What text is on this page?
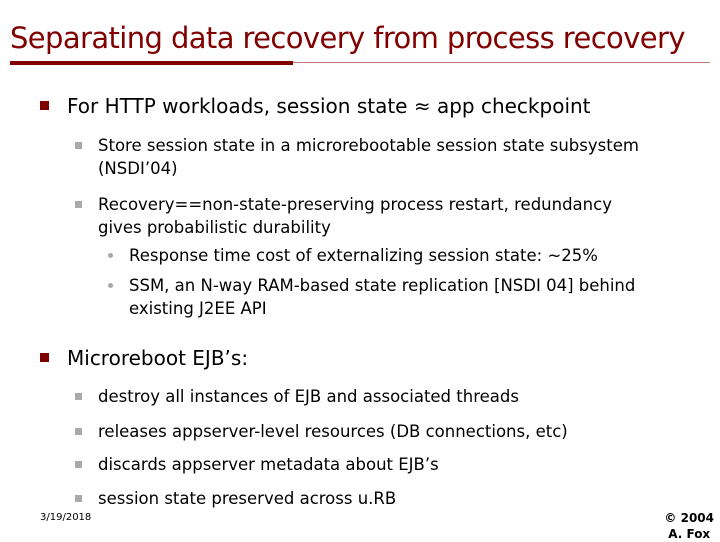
Separating data recovery from process recovery
For HTTP workloads, session state ≈ app checkpoint
Store session state in a microrebootable session state subsystem
(NSDI’04)
Recovery==non-state-preserving process restart, redundancy
gives probabilistic durability
Response time cost of externalizing session state: ~25%
SSM, an N-way RAM-based state replication [NSDI 04] behind
existing J2EE API
Microreboot EJB’s:
destroy all instances of EJB and associated threads
releases appserver-level resources (DB connections, etc)
discards appserver metadata about EJB’s
session state preserved across u.RB
3/19/2018	© 2004
A. Fox
